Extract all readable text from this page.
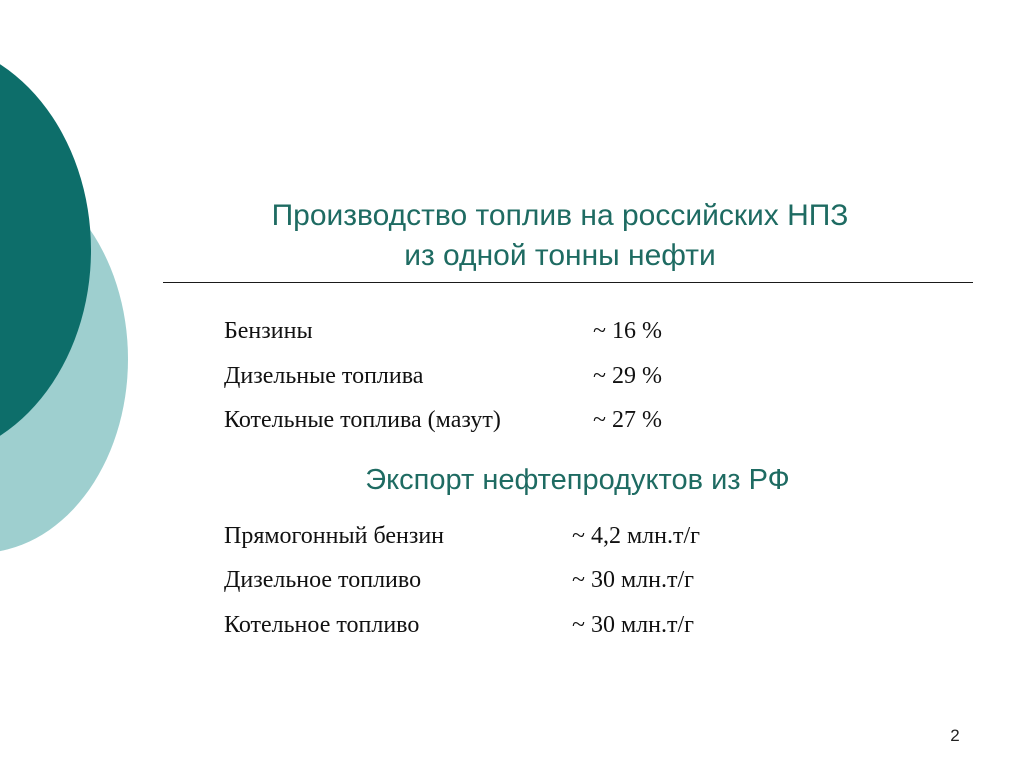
Производство топлив на российских НПЗ
из одной тонны нефти
Бензины	~ 16 %
Дизельные топлива	~ 29 %
Котельные топлива (мазут)	~ 27 %
Экспорт нефтепродуктов из РФ
Прямогонный бензин	~ 4,2 млн.т/г
Дизельное топливо	~ 30 млн.т/г
Котельное топливо	~ 30 млн.т/г
2
